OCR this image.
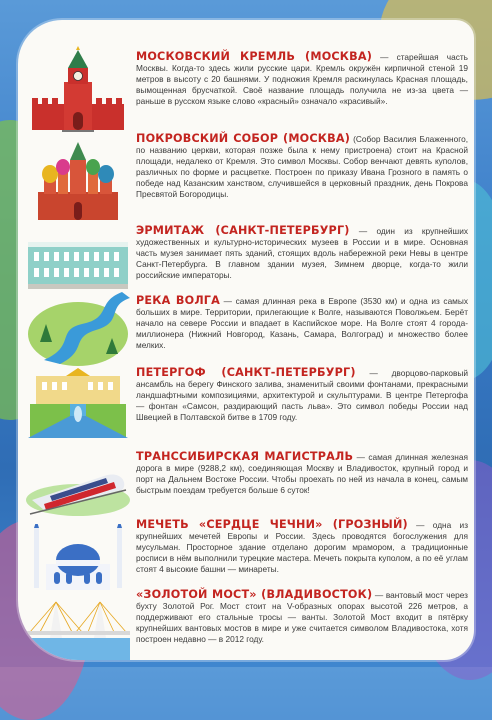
МОСКОВСКИЙ КРЕМЛЬ (МОСКВА) — старейшая часть Москвы. Когда-то здесь жили русские цари. Кремль окружён кирпичной стеной 19 метров в высоту с 20 башнями. У подножия Кремля раскинулась Красная площадь, вымощенная брусчаткой. Своё название площадь получила не из-за цвета — раньше в русском языке слово «красный» означало «красивый».
ПОКРОВСКИЙ СОБОР (МОСКВА) (Собор Василия Блаженного, по названию церкви, которая позже была к нему пристроена) стоит на Красной площади, недалеко от Кремля. Это символ Москвы. Собор венчают девять куполов, различных по форме и расцветке. Построен по приказу Ивана Грозного в память о победе над Казанским ханством, случившейся в церковный праздник, день Покрова Пресвятой Богородицы.
ЭРМИТАЖ (САНКТ-ПЕТЕРБУРГ) — один из крупнейших художественных и культурно-исторических музеев в России и в мире. Основная часть музея занимает пять зданий, стоящих вдоль набережной реки Невы в центре Санкт-Петербурга. В главном здании музея, Зимнем дворце, когда-то жили российские императоры.
РЕКА ВОЛГА — самая длинная река в Европе (3530 км) и одна из самых больших в мире. Территории, прилегающие к Волге, называются Поволжьем. Берёт начало на севере России и впадает в Каспийское море. На Волге стоят 4 города-миллионера (Нижний Новгород, Казань, Самара, Волгоград) и множество более мелких.
ПЕТЕРГОФ (САНКТ-ПЕТЕРБУРГ) — дворцово-парковый ансамбль на берегу Финского залива, знаменитый своими фонтанами, прекрасными ландшафтными композициями, архитектурой и скульптурами. В центре Петергофа — фонтан «Самсон, раздирающий пасть льва». Это символ победы России над Швецией в Полтавской битве в 1709 году.
ТРАНССИБИРСКАЯ МАГИСТРАЛЬ — самая длинная железная дорога в мире (9288,2 км), соединяющая Москву и Владивосток, крупный город и порт на Дальнем Востоке России. Чтобы проехать по ней из начала в конец, самым быстрым поездам требуется больше 6 суток!
МЕЧЕТЬ «СЕРДЦЕ ЧЕЧНИ» (ГРОЗНЫЙ) — одна из крупнейших мечетей Европы и России. Здесь проводятся богослужения для мусульман. Просторное здание отделано дорогим мрамором, а традиционные росписи в нём выполнили турецкие мастера. Мечеть покрыта куполом, а по её углам стоят 4 высокие башни — минареты.
«ЗОЛОТОЙ МОСТ» (ВЛАДИВОСТОК) — вантовый мост через бухту Золотой Рог. Мост стоит на V-образных опорах высотой 226 метров, а поддерживают его стальные тросы — ванты. Золотой Мост входит в пятёрку крупнейших вантовых мостов в мире и уже считается символом Владивостока, хотя построен недавно — в 2012 году.
